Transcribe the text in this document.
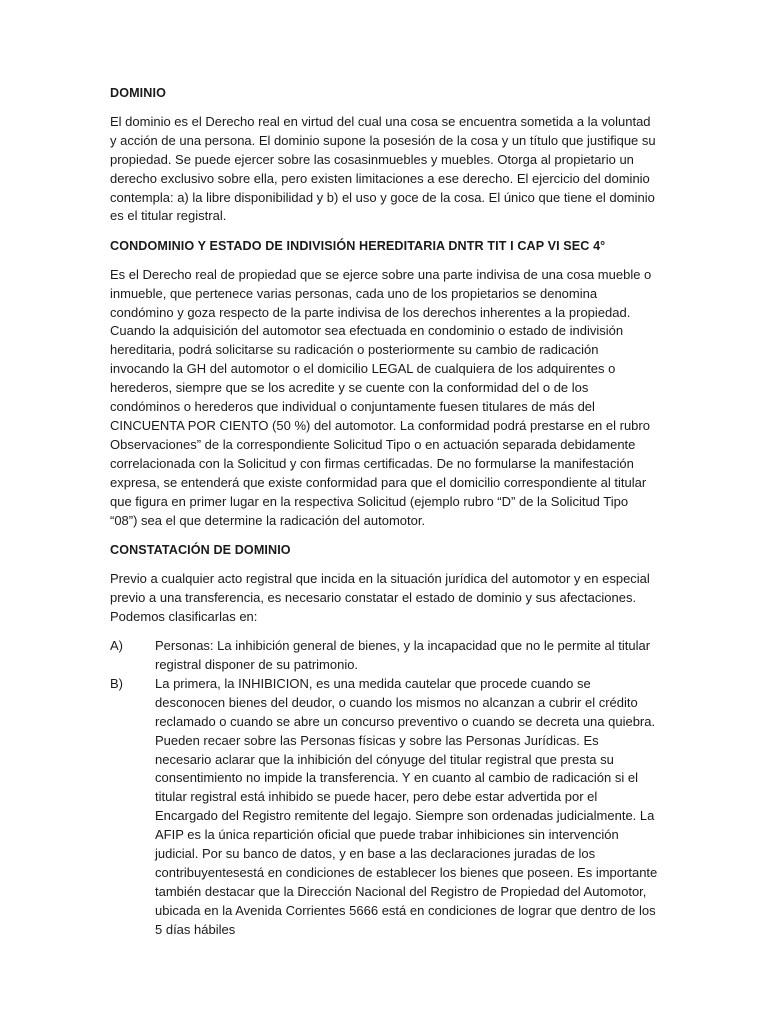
DOMINIO

El dominio es el Derecho real en virtud del cual una cosa se encuentra sometida a la voluntad y acción de una persona. El dominio supone la posesión de la cosa y un título que justifique su propiedad. Se puede ejercer sobre las cosasinmuebles y muebles. Otorga al propietario un derecho exclusivo sobre ella, pero existen limitaciones a ese derecho. El ejercicio del dominio contempla: a) la libre disponibilidad y b) el uso y goce de la cosa. El único que tiene el dominio es el titular registral.

CONDOMINIO Y ESTADO DE INDIVISIÓN HEREDITARIA DNTR TIT I CAP VI SEC 4°

Es el Derecho real de propiedad que se ejerce sobre una parte indivisa de una cosa mueble o inmueble, que pertenece varias personas, cada uno de los propietarios se denomina condómino y goza respecto de la parte indivisa de los derechos inherentes a la propiedad. Cuando la adquisición del automotor sea efectuada en condominio o estado de indivisión hereditaria, podrá solicitarse su radicación o posteriormente su cambio de radicación invocando la GH del automotor o el domicilio LEGAL de cualquiera de los adquirentes o herederos, siempre que se los acredite y se cuente con la conformidad del o de los condóminos o herederos que individual o conjuntamente fuesen titulares de más del CINCUENTA POR CIENTO (50 %) del automotor. La conformidad podrá prestarse en el rubro Observaciones” de la correspondiente Solicitud Tipo o en actuación separada debidamente correlacionada con la Solicitud y con firmas certificadas. De no formularse la manifestación expresa, se entenderá que existe conformidad para que el domicilio correspondiente al titular que figura en primer lugar en la respectiva Solicitud (ejemplo rubro “D” de la Solicitud Tipo “08”) sea el que determine la radicación del automotor.

CONSTATACIÓN DE DOMINIO

Previo a cualquier acto registral que incida en la situación jurídica del automotor y en especial previo a una transferencia, es necesario constatar el estado de dominio y sus afectaciones. Podemos clasificarlas en:

A)	Personas: La inhibición general de bienes, y la incapacidad que no le permite al titular registral disponer de su patrimonio.
B)	La primera, la INHIBICION, es una medida cautelar que procede cuando se desconocen bienes del deudor, o cuando los mismos no alcanzan a cubrir el crédito reclamado o cuando se abre un concurso preventivo o cuando se decreta una quiebra. Pueden recaer sobre las Personas físicas y sobre las Personas Jurídicas. Es necesario aclarar que la inhibición del cónyuge del titular registral que presta su consentimiento no impide la transferencia. Y en cuanto al cambio de radicación si el titular registral está inhibido se puede hacer, pero debe estar advertida por el Encargado del Registro remitente del legajo. Siempre son ordenadas judicialmente. La AFIP es la única repartición oficial que puede trabar inhibiciones sin intervención judicial. Por su banco de datos, y en base a las declaraciones juradas de los contribuyentesestá en condiciones de establecer los bienes que poseen. Es importante también destacar que la Dirección Nacional del Registro de Propiedad del Automotor, ubicada en la Avenida Corrientes 5666 está en condiciones de lograr que dentro de los 5 días hábiles
